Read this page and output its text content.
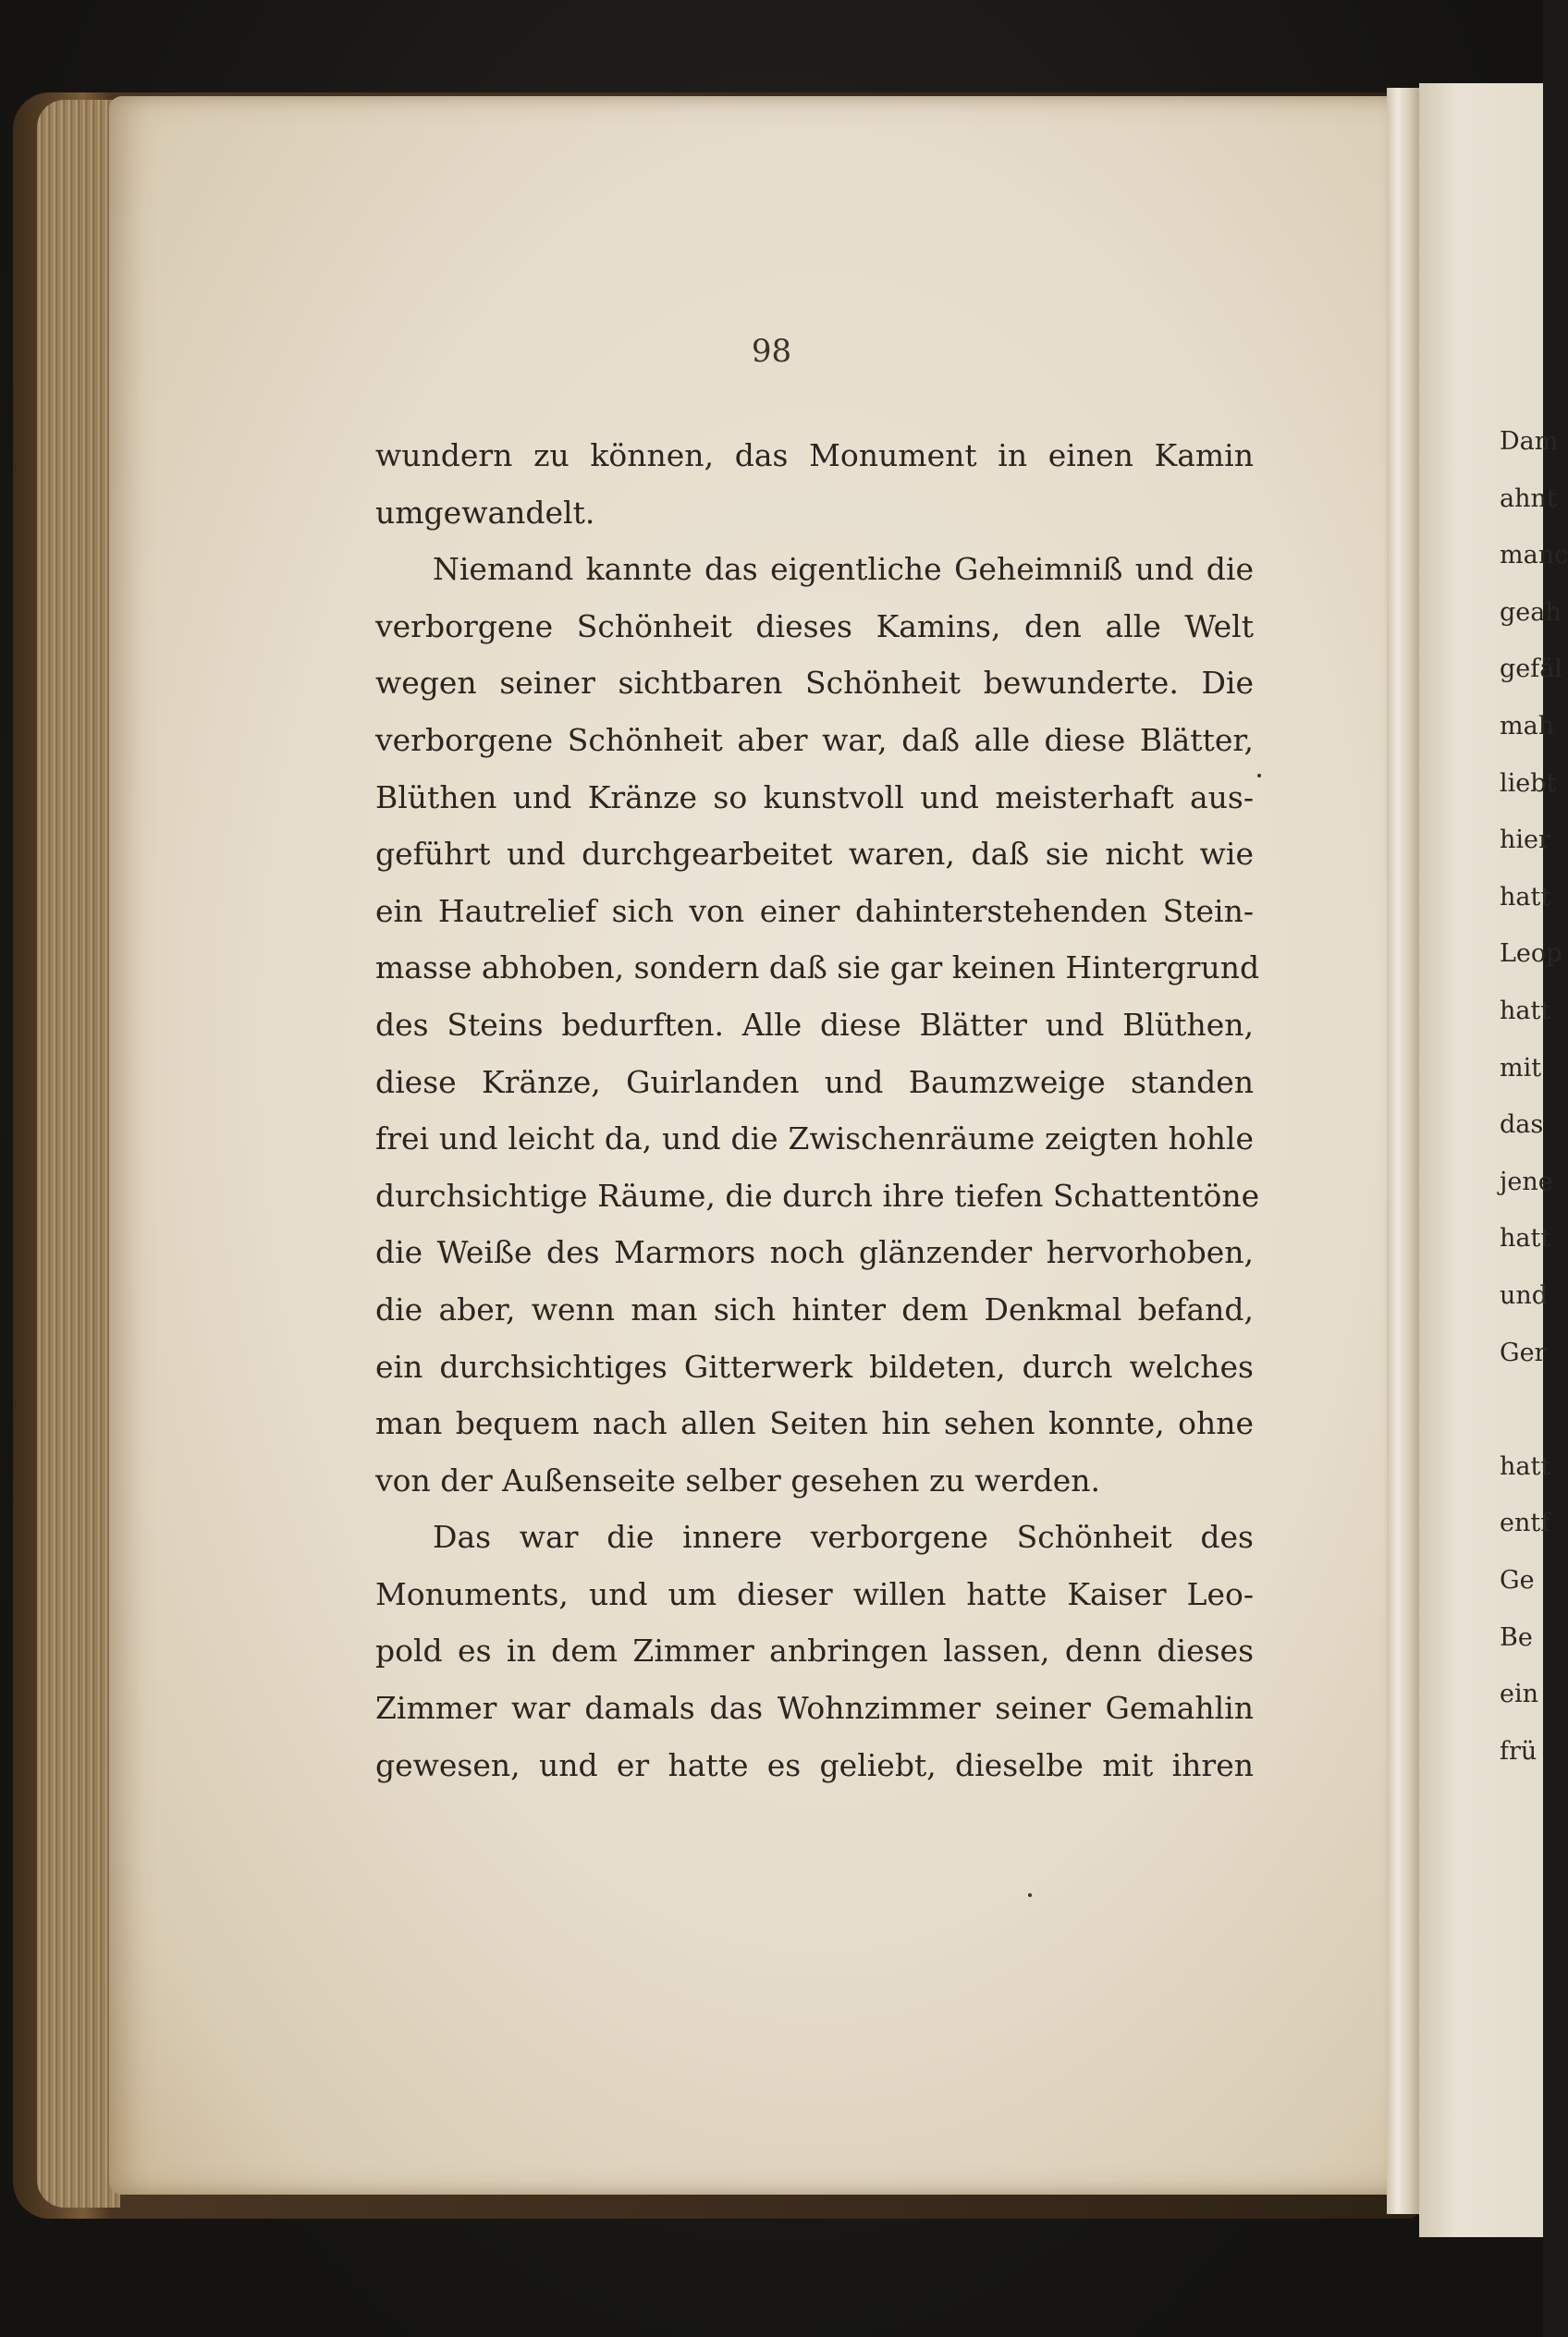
Dam
ahnt
manc
geah
gefäl
mah
liebt
hier
hatt
Leop
hatt
mit
das
jene
hatt
und
Ger
hatt
entf
Ge
Be
ein
frü
98
wundern zu können, das Monument in einen Kamin
umgewandelt.
Niemand kannte das eigentliche Geheimniß und die
verborgene Schönheit dieses Kamins, den alle Welt
wegen seiner sichtbaren Schönheit bewunderte. Die
verborgene Schönheit aber war, daß alle diese Blätter,
Blüthen und Kränze so kunstvoll und meisterhaft aus-
geführt und durchgearbeitet waren, daß sie nicht wie
ein Hautrelief sich von einer dahinterstehenden Stein-
masse abhoben, sondern daß sie gar keinen Hintergrund
des Steins bedurften. Alle diese Blätter und Blüthen,
diese Kränze, Guirlanden und Baumzweige standen
frei und leicht da, und die Zwischenräume zeigten hohle
durchsichtige Räume, die durch ihre tiefen Schattentöne
die Weiße des Marmors noch glänzender hervorhoben,
die aber, wenn man sich hinter dem Denkmal befand,
ein durchsichtiges Gitterwerk bildeten, durch welches
man bequem nach allen Seiten hin sehen konnte, ohne
von der Außenseite selber gesehen zu werden.
Das war die innere verborgene Schönheit des
Monuments, und um dieser willen hatte Kaiser Leo-
pold es in dem Zimmer anbringen lassen, denn dieses
Zimmer war damals das Wohnzimmer seiner Gemahlin
gewesen, und er hatte es geliebt, dieselbe mit ihren
